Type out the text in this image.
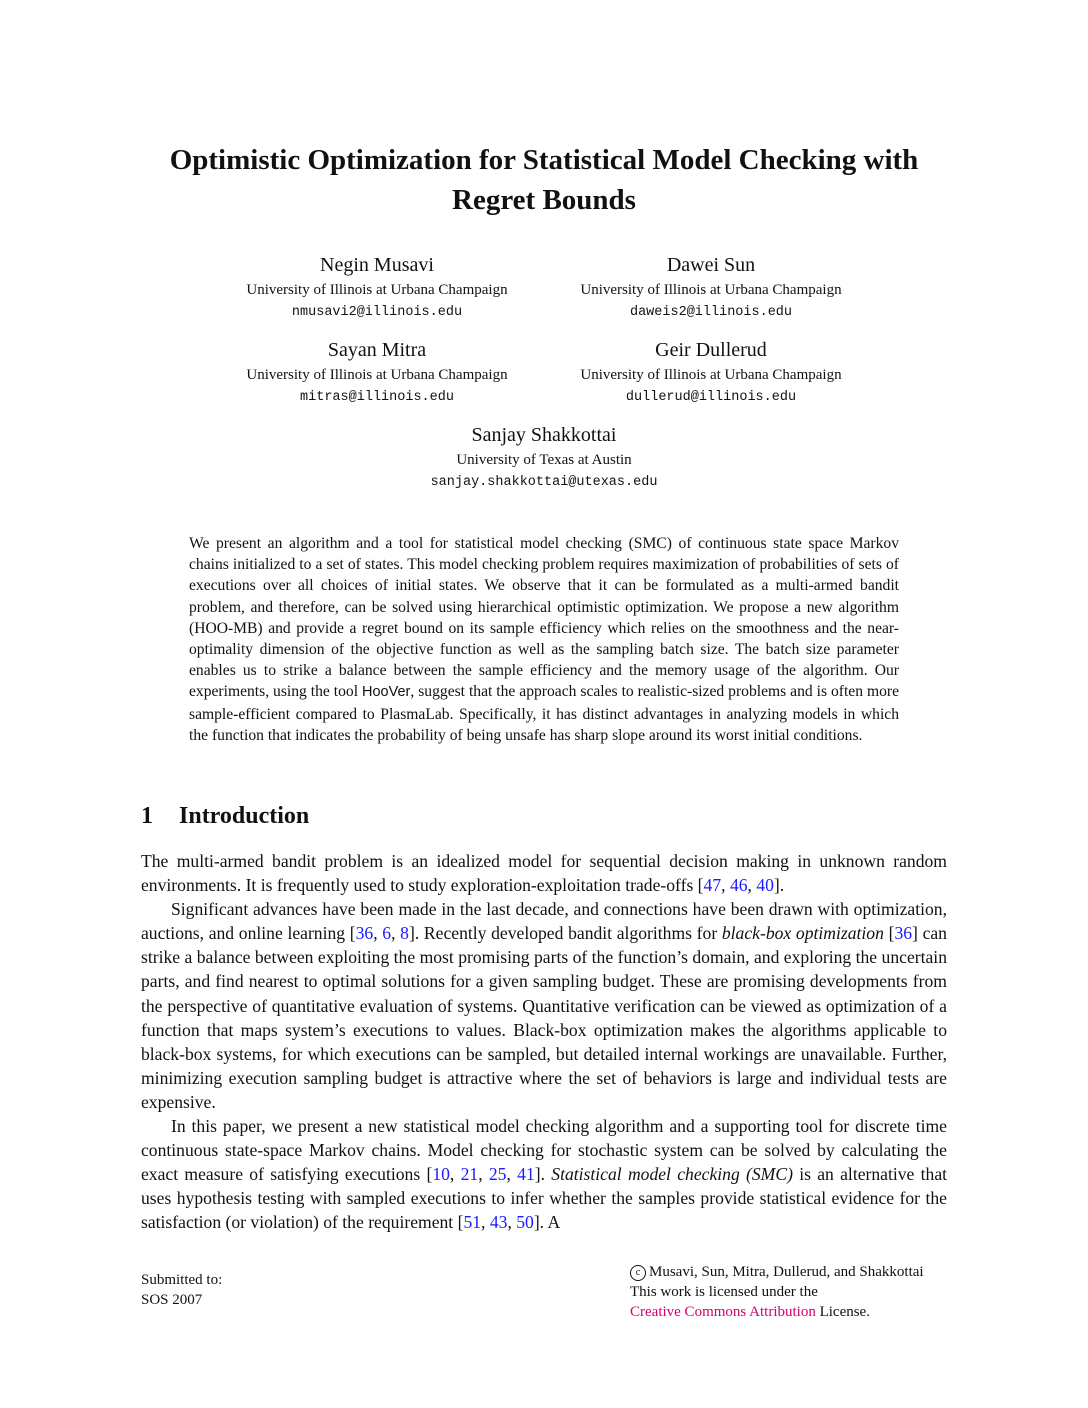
Optimistic Optimization for Statistical Model Checking with
Regret Bounds
Negin Musavi
University of Illinois at Urbana Champaign
nmusavi2@illinois.edu
Dawei Sun
University of Illinois at Urbana Champaign
daweis2@illinois.edu
Sayan Mitra
University of Illinois at Urbana Champaign
mitras@illinois.edu
Geir Dullerud
University of Illinois at Urbana Champaign
dullerud@illinois.edu
Sanjay Shakkottai
University of Texas at Austin
sanjay.shakkottai@utexas.edu
We present an algorithm and a tool for statistical model checking (SMC) of continuous state space Markov chains initialized to a set of states. This model checking problem requires maximization of probabilities of sets of executions over all choices of initial states. We observe that it can be formulated as a multi-armed bandit problem, and therefore, can be solved using hierarchical optimistic optimization. We propose a new algorithm (HOO-MB) and provide a regret bound on its sample efficiency which relies on the smoothness and the near-optimality dimension of the objective function as well as the sampling batch size. The batch size parameter enables us to strike a balance between the sample efficiency and the memory usage of the algorithm. Our experiments, using the tool HooVer, suggest that the approach scales to realistic-sized problems and is often more sample-efficient compared to PlasmaLab. Specifically, it has distinct advantages in analyzing models in which the function that indicates the probability of being unsafe has sharp slope around its worst initial conditions.
1 Introduction

The multi-armed bandit problem is an idealized model for sequential decision making in unknown random environments. It is frequently used to study exploration-exploitation trade-offs [47, 46, 40].

Significant advances have been made in the last decade, and connections have been drawn with optimization, auctions, and online learning [36, 6, 8]. Recently developed bandit algorithms for black-box optimization [36] can strike a balance between exploiting the most promising parts of the function’s domain, and exploring the uncertain parts, and find nearest to optimal solutions for a given sampling budget. These are promising developments from the perspective of quantitative evaluation of systems. Quantitative verification can be viewed as optimization of a function that maps system’s executions to values. Black-box optimization makes the algorithms applicable to black-box systems, for which executions can be sampled, but detailed internal workings are unavailable. Further, minimizing execution sampling budget is attractive where the set of behaviors is large and individual tests are expensive.

In this paper, we present a new statistical model checking algorithm and a supporting tool for discrete time continuous state-space Markov chains. Model checking for stochastic system can be solved by calculating the exact measure of satisfying executions [10, 21, 25, 41]. Statistical model checking (SMC) is an alternative that uses hypothesis testing with sampled executions to infer whether the samples provide statistical evidence for the satisfaction (or violation) of the requirement [51, 43, 50]. A

Submitted to:
SOS 2007
c Musavi, Sun, Mitra, Dullerud, and Shakkottai
This work is licensed under the
Creative Commons Attribution License.
